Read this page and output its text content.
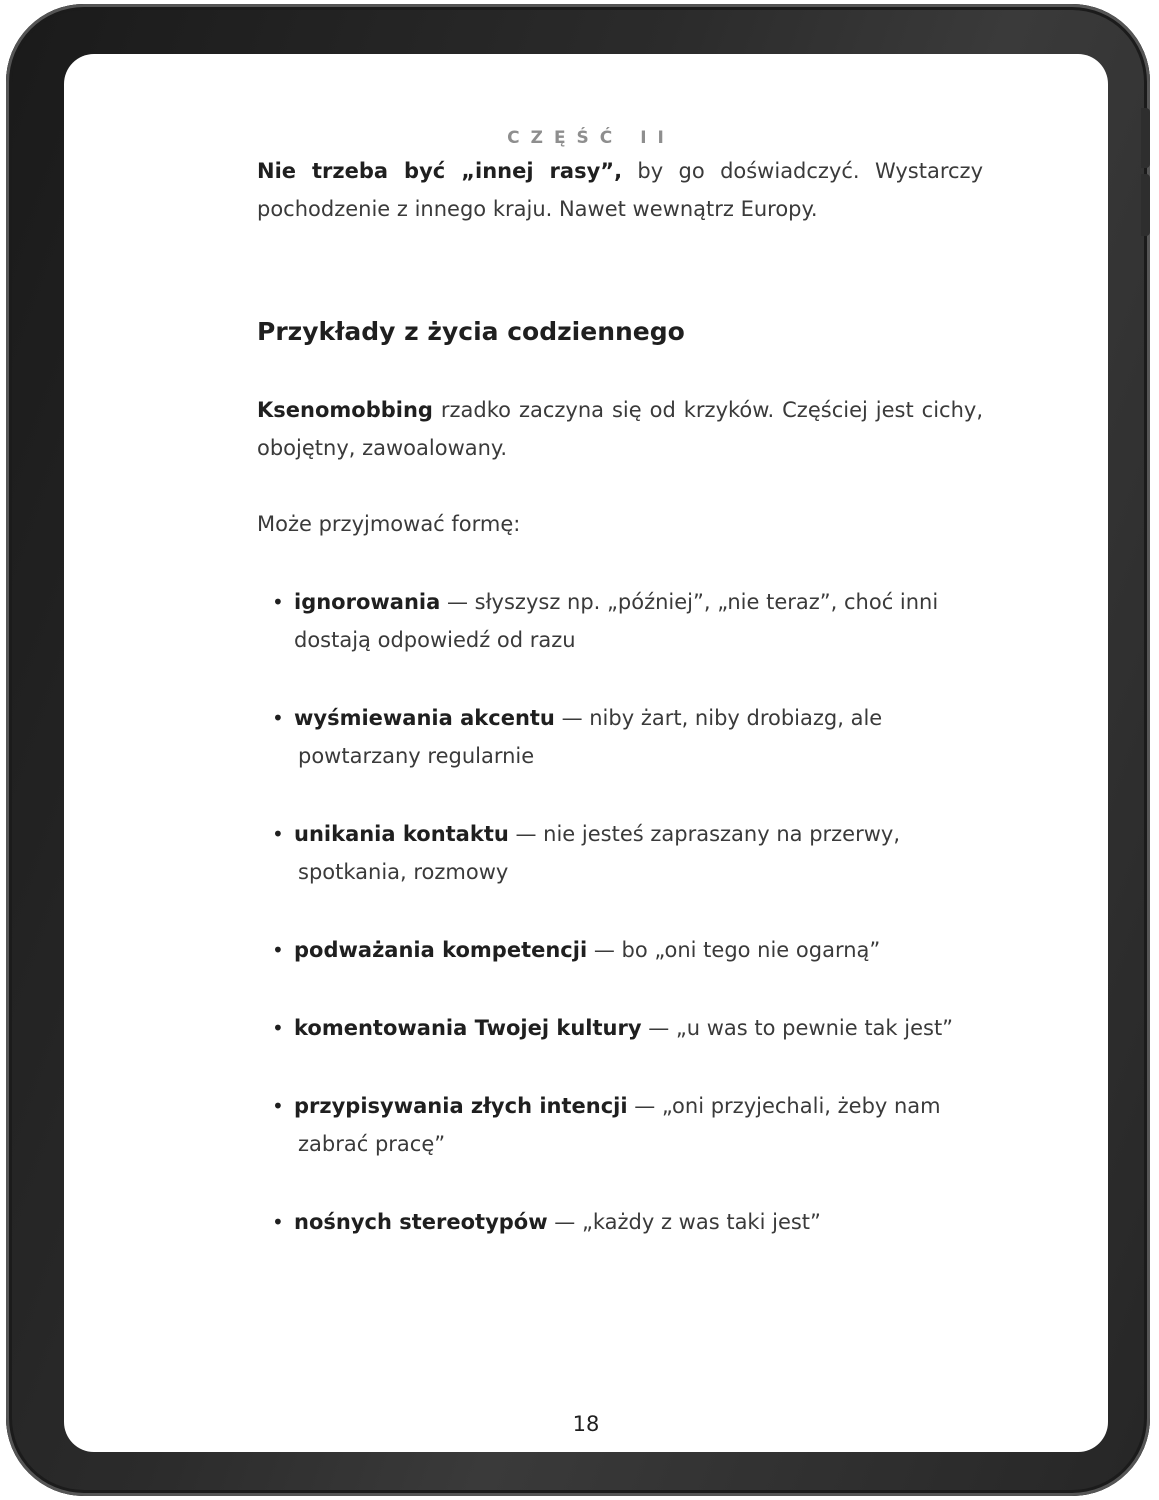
CZĘŚĆ II

Nie trzeba być „innej rasy”, by go doświadczyć. Wystarczy pochodzenie z innego kraju. Nawet wewnątrz Europy.

Przykłady z życia codziennego

Ksenomobbing rzadko zaczyna się od krzyków. Częściej jest cichy, obojętny, zawoalowany.

Może przyjmować formę:

• ignorowania — słyszysz np. „później”, „nie teraz”, choć inni
dostają odpowiedź od razu
• wyśmiewania akcentu — niby żart, niby drobiazg, ale
powtarzany regularnie
• unikania kontaktu — nie jesteś zapraszany na przerwy,
spotkania, rozmowy
• podważania kompetencji — bo „oni tego nie ogarną”
• komentowania Twojej kultury — „u was to pewnie tak jest”
• przypisywania złych intencji — „oni przyjechali, żeby nam
zabrać pracę”
• nośnych stereotypów — „każdy z was taki jest”
18
